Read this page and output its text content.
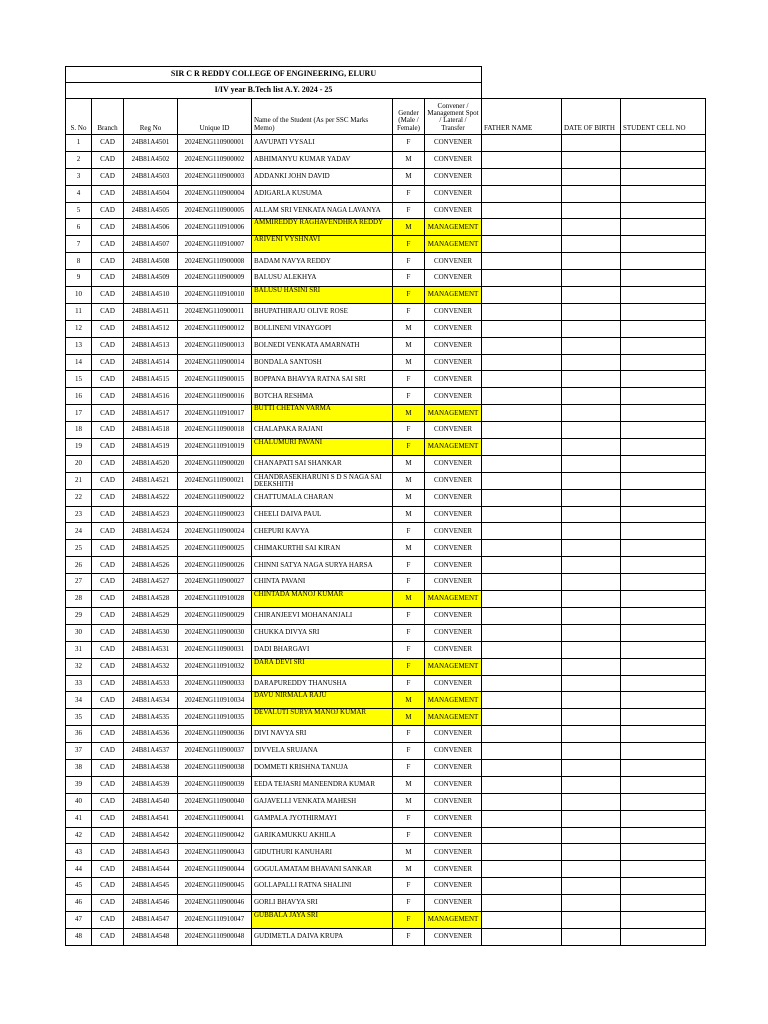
SIR C R REDDY COLLEGE OF ENGINEERING, ELURU									
I/IV year B.Tech list A.Y. 2024 - 25									
S. No	Branch	Reg No	Unique ID	Name of the Student (As per SSC Marks Memo)	Gender (Male / Female)	Convener / Management Spot / Lateral / Transfer	FATHER NAME	DATE OF BIRTH	STUDENT CELL NO
1	CAD	24B81A4501	2024ENG110900001	AAVUPATI VYSALI	F	CONVENER			
2	CAD	24B81A4502	2024ENG110900002	ABHIMANYU KUMAR YADAV	M	CONVENER			
3	CAD	24B81A4503	2024ENG110900003	ADDANKI JOHN DAVID	M	CONVENER			
4	CAD	24B81A4504	2024ENG110900004	ADIGARLA KUSUMA	F	CONVENER			
5	CAD	24B81A4505	2024ENG110900005	ALLAM SRI VENKATA NAGA LAVANYA	F	CONVENER			
6	CAD	24B81A4506	2024ENG110910006	AMMIREDDY RAGHAVENDHRA REDDY	M	MANAGEMENT			
7	CAD	24B81A4507	2024ENG110910007	ARIVENI VYSHNAVI	F	MANAGEMENT			
8	CAD	24B81A4508	2024ENG110900008	BADAM NAVYA REDDY	F	CONVENER			
9	CAD	24B81A4509	2024ENG110900009	BALUSU ALEKHYA	F	CONVENER			
10	CAD	24B81A4510	2024ENG110910010	BALUSU HASINI SRI	F	MANAGEMENT			
11	CAD	24B81A4511	2024ENG110900011	BHUPATHIRAJU OLIVE ROSE	F	CONVENER			
12	CAD	24B81A4512	2024ENG110900012	BOLLINENI VINAYGOPI	M	CONVENER			
13	CAD	24B81A4513	2024ENG110900013	BOLNEDI VENKATA AMARNATH	M	CONVENER			
14	CAD	24B81A4514	2024ENG110900014	BONDALA SANTOSH	M	CONVENER			
15	CAD	24B81A4515	2024ENG110900015	BOPPANA BHAVYA RATNA SAI SRI	F	CONVENER			
16	CAD	24B81A4516	2024ENG110900016	BOTCHA RESHMA	F	CONVENER			
17	CAD	24B81A4517	2024ENG110910017	BUTTI CHETAN VARMA	M	MANAGEMENT			
18	CAD	24B81A4518	2024ENG110900018	CHALAPAKA RAJANI	F	CONVENER			
19	CAD	24B81A4519	2024ENG110910019	CHALUMURI PAVANI	F	MANAGEMENT			
20	CAD	24B81A4520	2024ENG110900020	CHANAPATI SAI SHANKAR	M	CONVENER			
21	CAD	24B81A4521	2024ENG110900021	CHANDRASEKHARUNI S D S NAGA SAI DEEKSHITH	M	CONVENER			
22	CAD	24B81A4522	2024ENG110900022	CHATTUMALA CHARAN	M	CONVENER			
23	CAD	24B81A4523	2024ENG110900023	CHEELI DAIVA PAUL	M	CONVENER			
24	CAD	24B81A4524	2024ENG110900024	CHEPURI KAVYA	F	CONVENER			
25	CAD	24B81A4525	2024ENG110900025	CHIMAKURTHI SAI KIRAN	M	CONVENER			
26	CAD	24B81A4526	2024ENG110900026	CHINNI SATYA NAGA SURYA HARSA	F	CONVENER			
27	CAD	24B81A4527	2024ENG110900027	CHINTA PAVANI	F	CONVENER			
28	CAD	24B81A4528	2024ENG110910028	CHINTADA MANOJ KUMAR	M	MANAGEMENT			
29	CAD	24B81A4529	2024ENG110900029	CHIRANJEEVI MOHANANJALI	F	CONVENER			
30	CAD	24B81A4530	2024ENG110900030	CHUKKA DIVYA SRI	F	CONVENER			
31	CAD	24B81A4531	2024ENG110900031	DADI BHARGAVI	F	CONVENER			
32	CAD	24B81A4532	2024ENG110910032	DARA DEVI SRI	F	MANAGEMENT			
33	CAD	24B81A4533	2024ENG110900033	DARAPUREDDY THANUSHA	F	CONVENER			
34	CAD	24B81A4534	2024ENG110910034	DAVU NIRMALA RAJU	M	MANAGEMENT			
35	CAD	24B81A4535	2024ENG110910035	DEVALUTI SURYA MANOJ KUMAR	M	MANAGEMENT			
36	CAD	24B81A4536	2024ENG110900036	DIVI NAVYA SRI	F	CONVENER			
37	CAD	24B81A4537	2024ENG110900037	DIVVELA SRUJANA	F	CONVENER			
38	CAD	24B81A4538	2024ENG110900038	DOMMETI KRISHNA TANUJA	F	CONVENER			
39	CAD	24B81A4539	2024ENG110900039	EEDA TEJASRI MANEENDRA KUMAR	M	CONVENER			
40	CAD	24B81A4540	2024ENG110900040	GAJAVELLI VENKATA MAHESH	M	CONVENER			
41	CAD	24B81A4541	2024ENG110900041	GAMPALA JYOTHIRMAYI	F	CONVENER			
42	CAD	24B81A4542	2024ENG110900042	GARIKAMUKKU AKHILA	F	CONVENER			
43	CAD	24B81A4543	2024ENG110900043	GIDUTHURI KANUHARI	M	CONVENER			
44	CAD	24B81A4544	2024ENG110900044	GOGULAMATAM BHAVANI SANKAR	M	CONVENER			
45	CAD	24B81A4545	2024ENG110900045	GOLLAPALLI RATNA SHALINI	F	CONVENER			
46	CAD	24B81A4546	2024ENG110900046	GORLI BHAVYA SRI	F	CONVENER			
47	CAD	24B81A4547	2024ENG110910047	GUBBALA JAYA SRI	F	MANAGEMENT			
48	CAD	24B81A4548	2024ENG110900048	GUDIMETLA DAIVA KRUPA	F	CONVENER			
